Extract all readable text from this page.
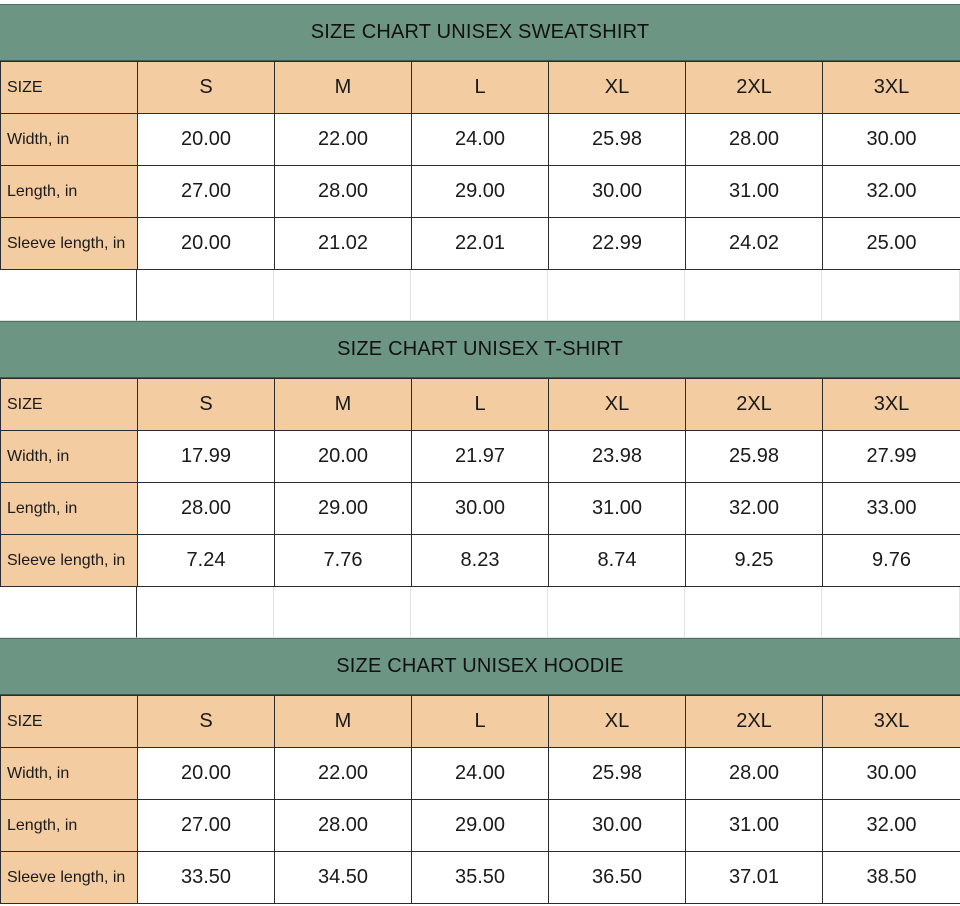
SIZE CHART UNISEX SWEATSHIRT
SIZE	S	M	L	XL	2XL	3XL
Width, in	20.00	22.00	24.00	25.98	28.00	30.00
Length, in	27.00	28.00	29.00	30.00	31.00	32.00
Sleeve length, in	20.00	21.02	22.01	22.99	24.02	25.00
SIZE CHART UNISEX T-SHIRT
SIZE	S	M	L	XL	2XL	3XL
Width, in	17.99	20.00	21.97	23.98	25.98	27.99
Length, in	28.00	29.00	30.00	31.00	32.00	33.00
Sleeve length, in	7.24	7.76	8.23	8.74	9.25	9.76
SIZE CHART UNISEX HOODIE
SIZE	S	M	L	XL	2XL	3XL
Width, in	20.00	22.00	24.00	25.98	28.00	30.00
Length, in	27.00	28.00	29.00	30.00	31.00	32.00
Sleeve length, in	33.50	34.50	35.50	36.50	37.01	38.50
